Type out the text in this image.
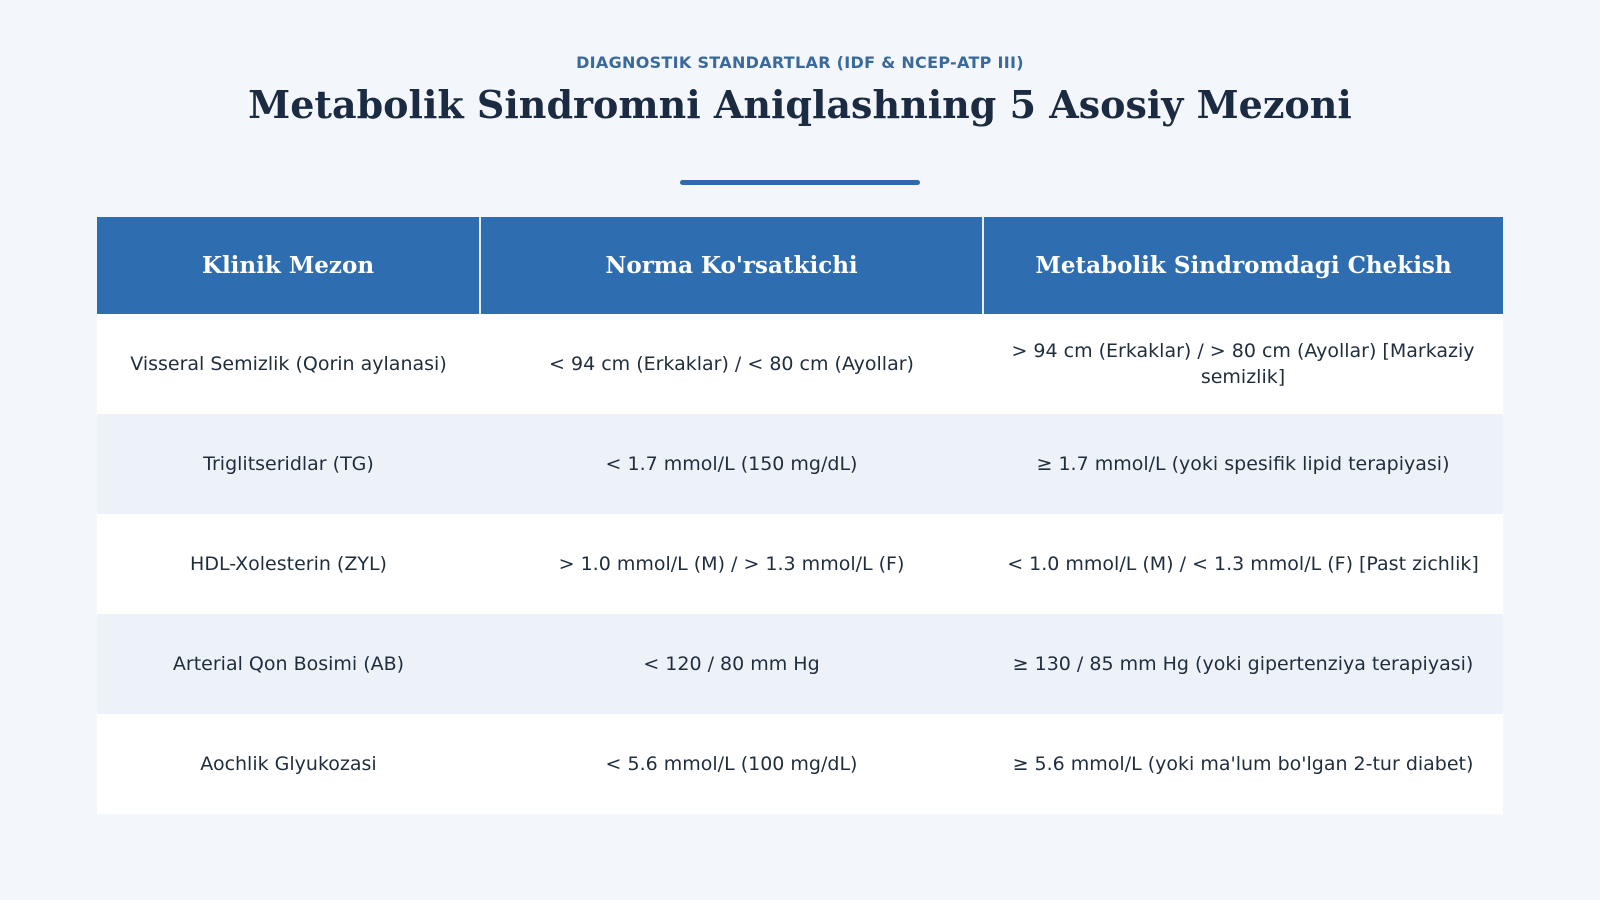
DIAGNOSTIK STANDARTLAR (IDF & NCEP-ATP III)
Metabolik Sindromni Aniqlashning 5 Asosiy Mezoni
Klinik Mezon	Norma Ko'rsatkichi	Metabolik Sindromdagi Chekish
Visseral Semizlik (Qorin aylanasi)	< 94 cm (Erkaklar) / < 80 cm (Ayollar)	> 94 cm (Erkaklar) / > 80 cm (Ayollar) [Markaziy semizlik]
Triglitseridlar (TG)	< 1.7 mmol/L (150 mg/dL)	≥ 1.7 mmol/L (yoki spesifik lipid terapiyasi)
HDL-Xolesterin (ZYL)	> 1.0 mmol/L (M) / > 1.3 mmol/L (F)	< 1.0 mmol/L (M) / < 1.3 mmol/L (F) [Past zichlik]
Arterial Qon Bosimi (AB)	< 120 / 80 mm Hg	≥ 130 / 85 mm Hg (yoki gipertenziya terapiyasi)
Aochlik Glyukozasi	< 5.6 mmol/L (100 mg/dL)	≥ 5.6 mmol/L (yoki ma'lum bo'lgan 2-tur diabet)
